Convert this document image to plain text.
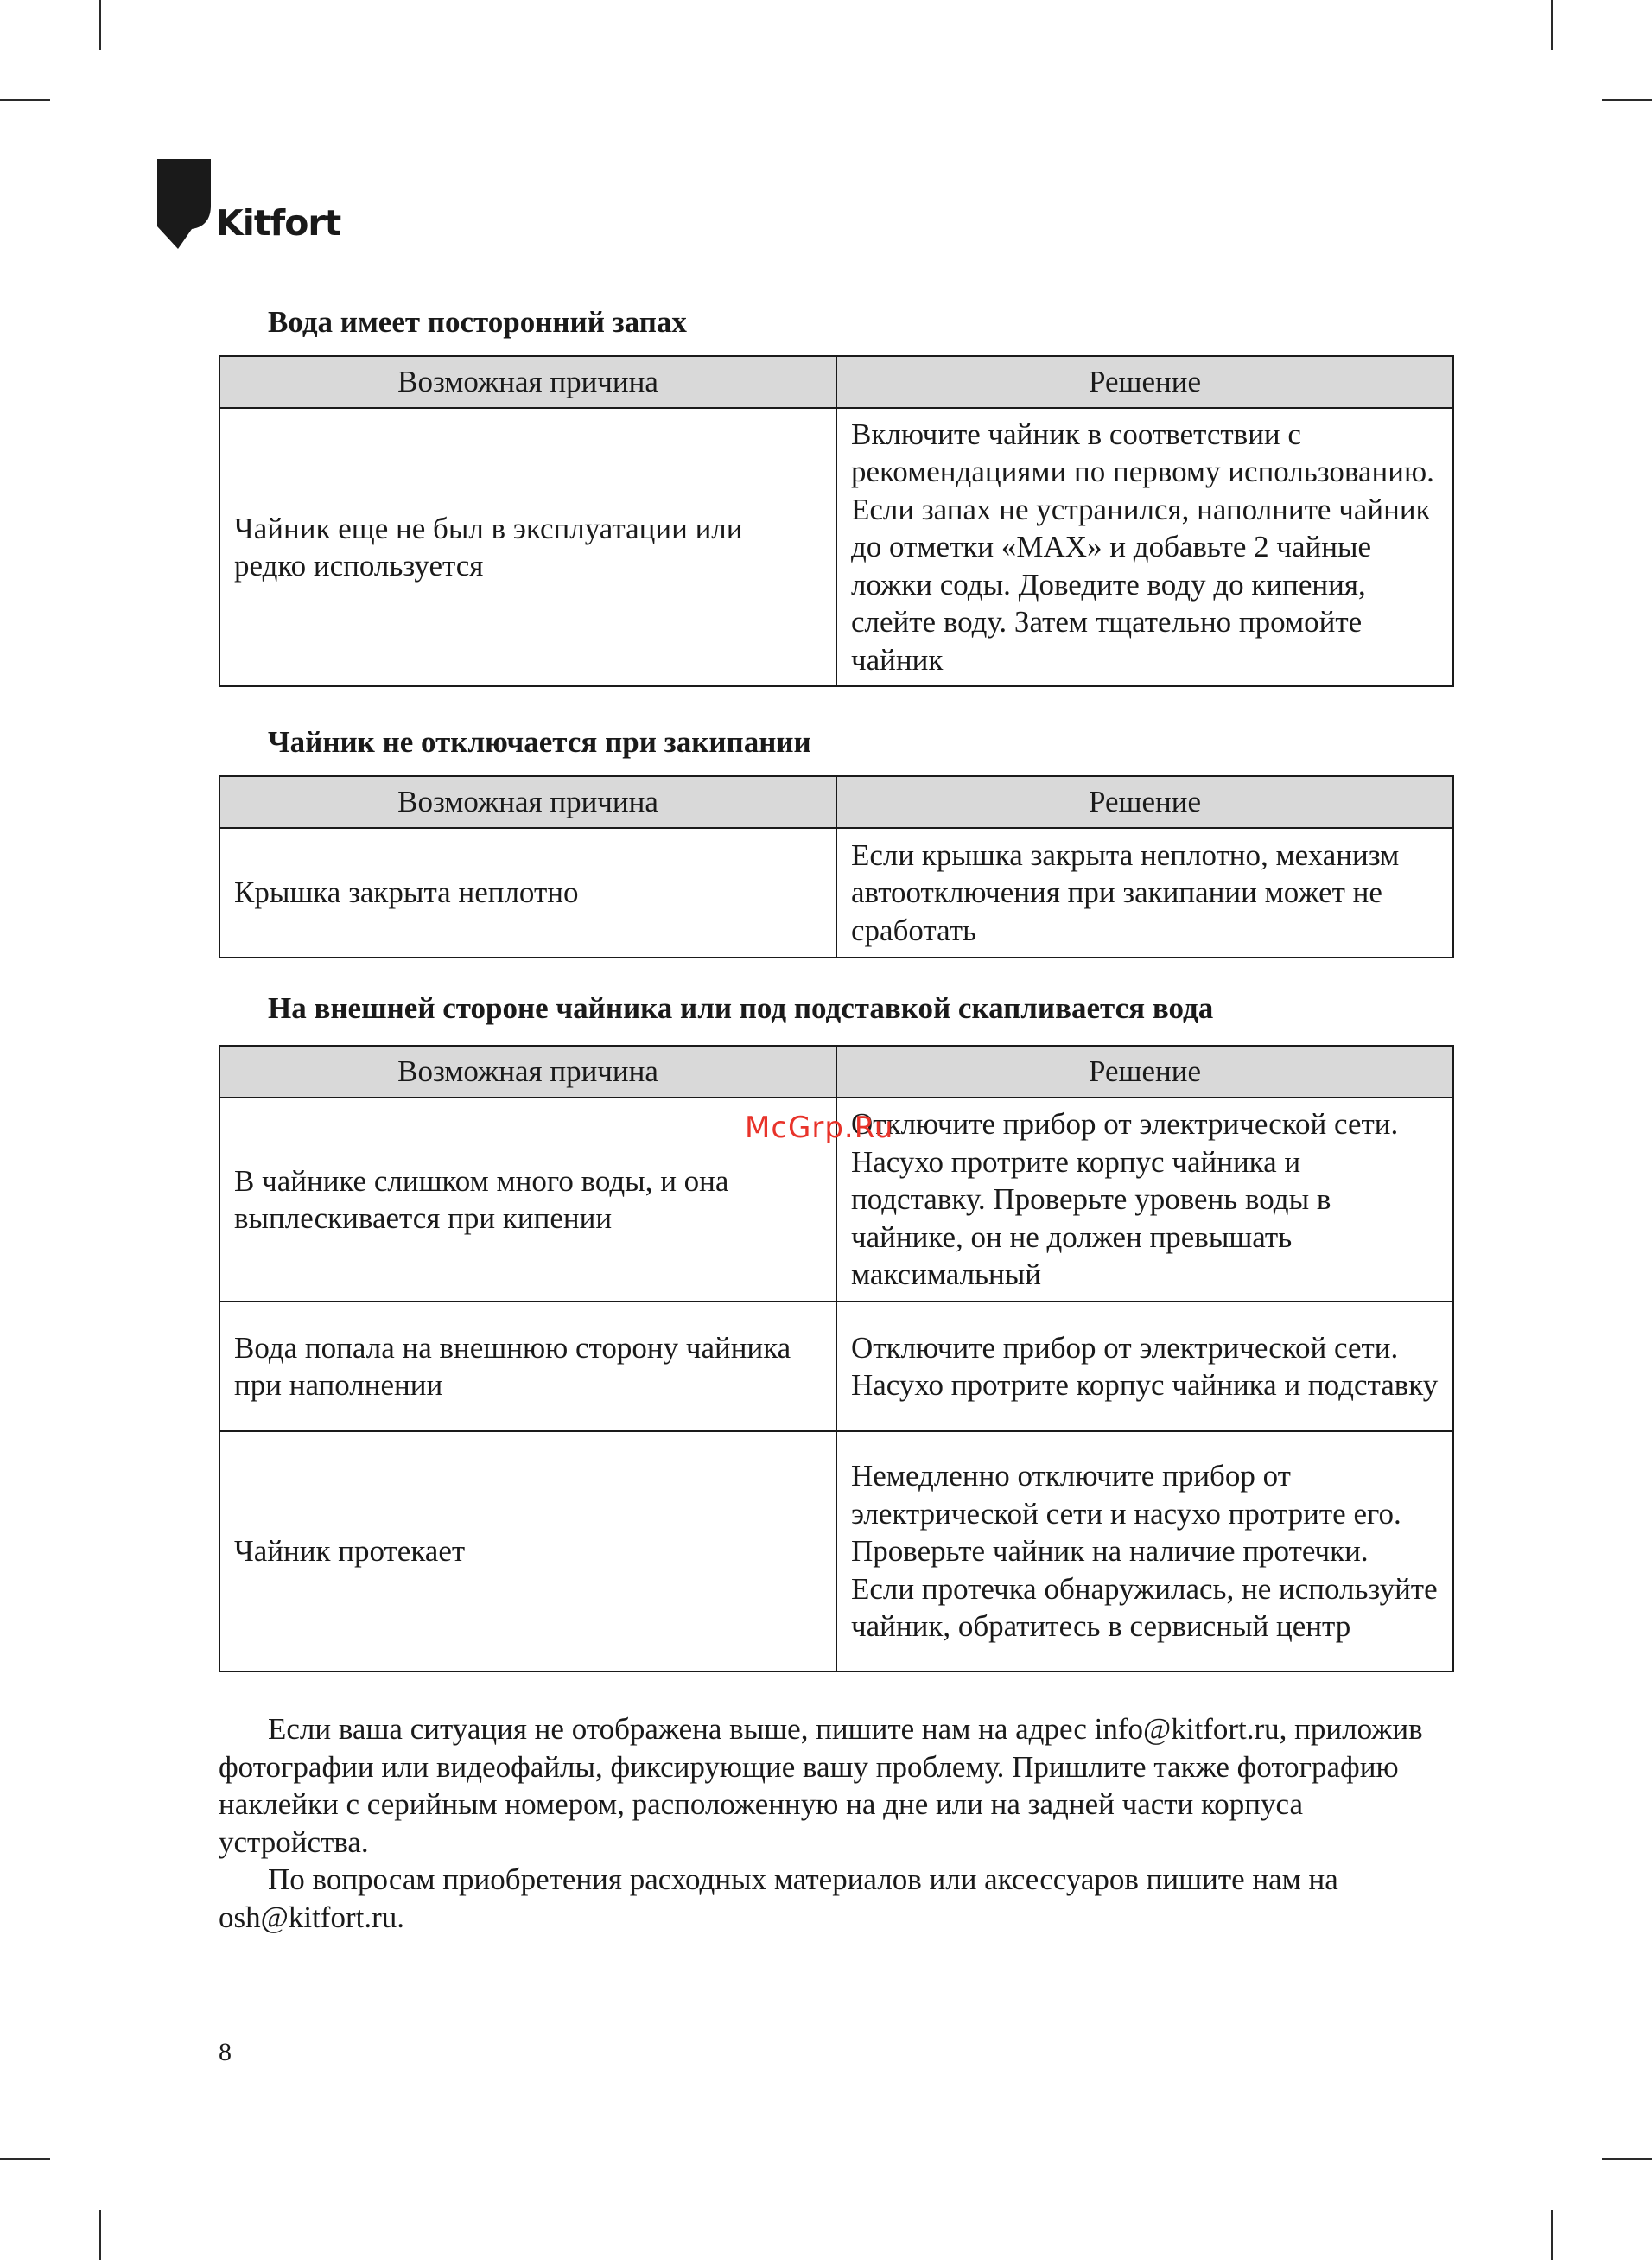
Kitfort
Вода имеет посторонний запах
Возможная причина	Решение
Чайник еще не был в эксплуатации или редко используется	Включите чайник в соответствии с рекомендациями по первому использованию. Если запах не устранился, наполните чайник до отметки «MAX» и добавьте 2 чайные ложки соды. Доведите воду до кипения, слейте воду. Затем тщательно промойте чайник
Чайник не отключается при закипании
Возможная причина	Решение
Крышка закрыта неплотно	Если крышка закрыта неплотно, механизм автоотключения при закипании может не сработать
На внешней стороне чайника или под подставкой скапливается вода
Возможная причина	Решение
В чайнике слишком много воды, и она выплескивается при кипении	Отключите прибор от электрической сети. Насухо протрите корпус чайника и подставку. Проверьте уровень воды в чайнике, он не должен превышать максимальный
Вода попала на внешнюю сторону чайника при наполнении	Отключите прибор от электрической сети. Насухо протрите корпус чайника и подставку
Чайник протекает	Немедленно отключите прибор от электрической сети и насухо протрите его. Проверьте чайник на наличие протечки. Если протечка обнаружилась, не используйте чайник, обратитесь в сервисный центр
McGrp.Ru

Если ваша ситуация не отображена выше, пишите нам на адрес info@kitfort.ru, приложив фотографии или видеофайлы, фиксирующие вашу проблему. Пришлите также фотографию наклейки с серийным номером, расположенную на дне или на задней части корпуса устройства.

По вопросам приобретения расходных материалов или аксессуаров пишите нам на osh@kitfort.ru.

8
